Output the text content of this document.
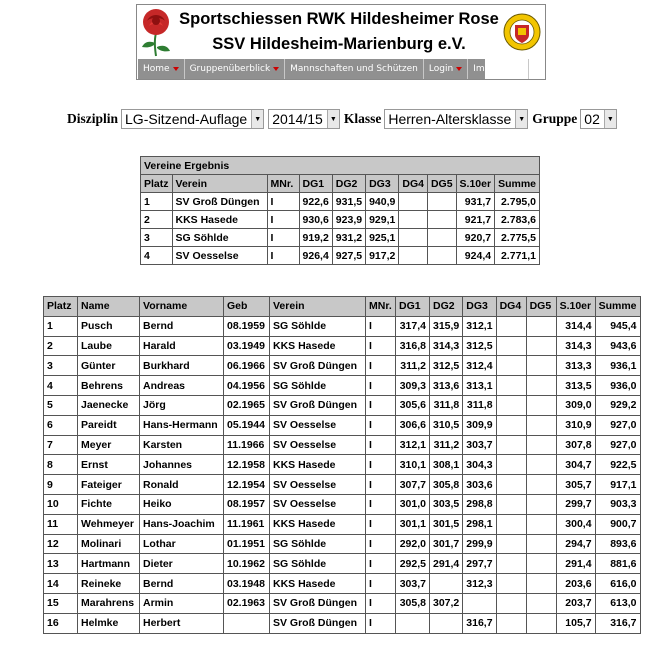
Sportschiessen RWK Hildesheimer Rose
SSV Hildesheim-Marienburg e.V.
Home	Gruppenüberblick	Mannschaften und Schützen	Login	Impressum
Disziplin LG-Sitzend-Auflage	▼ 2014/15	▼ Klasse Herren-Altersklasse	▼ Gruppe 02	▼
Vereine Ergebnis									
Platz	Verein	MNr.	DG1	DG2	DG3	DG4	DG5	S.10er	Summe
1	SV Groß Düngen	I	922,6	931,5	940,9			931,7	2.795,0
2	KKS Hasede	I	930,6	923,9	929,1			921,7	2.783,6
3	SG Söhlde	I	919,2	931,2	925,1			920,7	2.775,5
4	SV Oesselse	I	926,4	927,5	917,2			924,4	2.771,1
Platz	Name	Vorname	Geb	Verein	MNr.	DG1	DG2	DG3	DG4	DG5	S.10er	Summe
1	Pusch	Bernd	08.1959	SG Söhlde	I	317,4	315,9	312,1			314,4	945,4
2	Laube	Harald	03.1949	KKS Hasede	I	316,8	314,3	312,5			314,3	943,6
3	Günter	Burkhard	06.1966	SV Groß Düngen	I	311,2	312,5	312,4			313,3	936,1
4	Behrens	Andreas	04.1956	SG Söhlde	I	309,3	313,6	313,1			313,5	936,0
5	Jaenecke	Jörg	02.1965	SV Groß Düngen	I	305,6	311,8	311,8			309,0	929,2
6	Pareidt	Hans-Hermann	05.1944	SV Oesselse	I	306,6	310,5	309,9			310,9	927,0
7	Meyer	Karsten	11.1966	SV Oesselse	I	312,1	311,2	303,7			307,8	927,0
8	Ernst	Johannes	12.1958	KKS Hasede	I	310,1	308,1	304,3			304,7	922,5
9	Fateiger	Ronald	12.1954	SV Oesselse	I	307,7	305,8	303,6			305,7	917,1
10	Fichte	Heiko	08.1957	SV Oesselse	I	301,0	303,5	298,8			299,7	903,3
11	Wehmeyer	Hans-Joachim	11.1961	KKS Hasede	I	301,1	301,5	298,1			300,4	900,7
12	Molinari	Lothar	01.1951	SG Söhlde	I	292,0	301,7	299,9			294,7	893,6
13	Hartmann	Dieter	10.1962	SG Söhlde	I	292,5	291,4	297,7			291,4	881,6
14	Reineke	Bernd	03.1948	KKS Hasede	I	303,7		312,3			203,6	616,0
15	Marahrens	Armin	02.1963	SV Groß Düngen	I	305,8	307,2				203,7	613,0
16	Helmke	Herbert		SV Groß Düngen	I			316,7			105,7	316,7
